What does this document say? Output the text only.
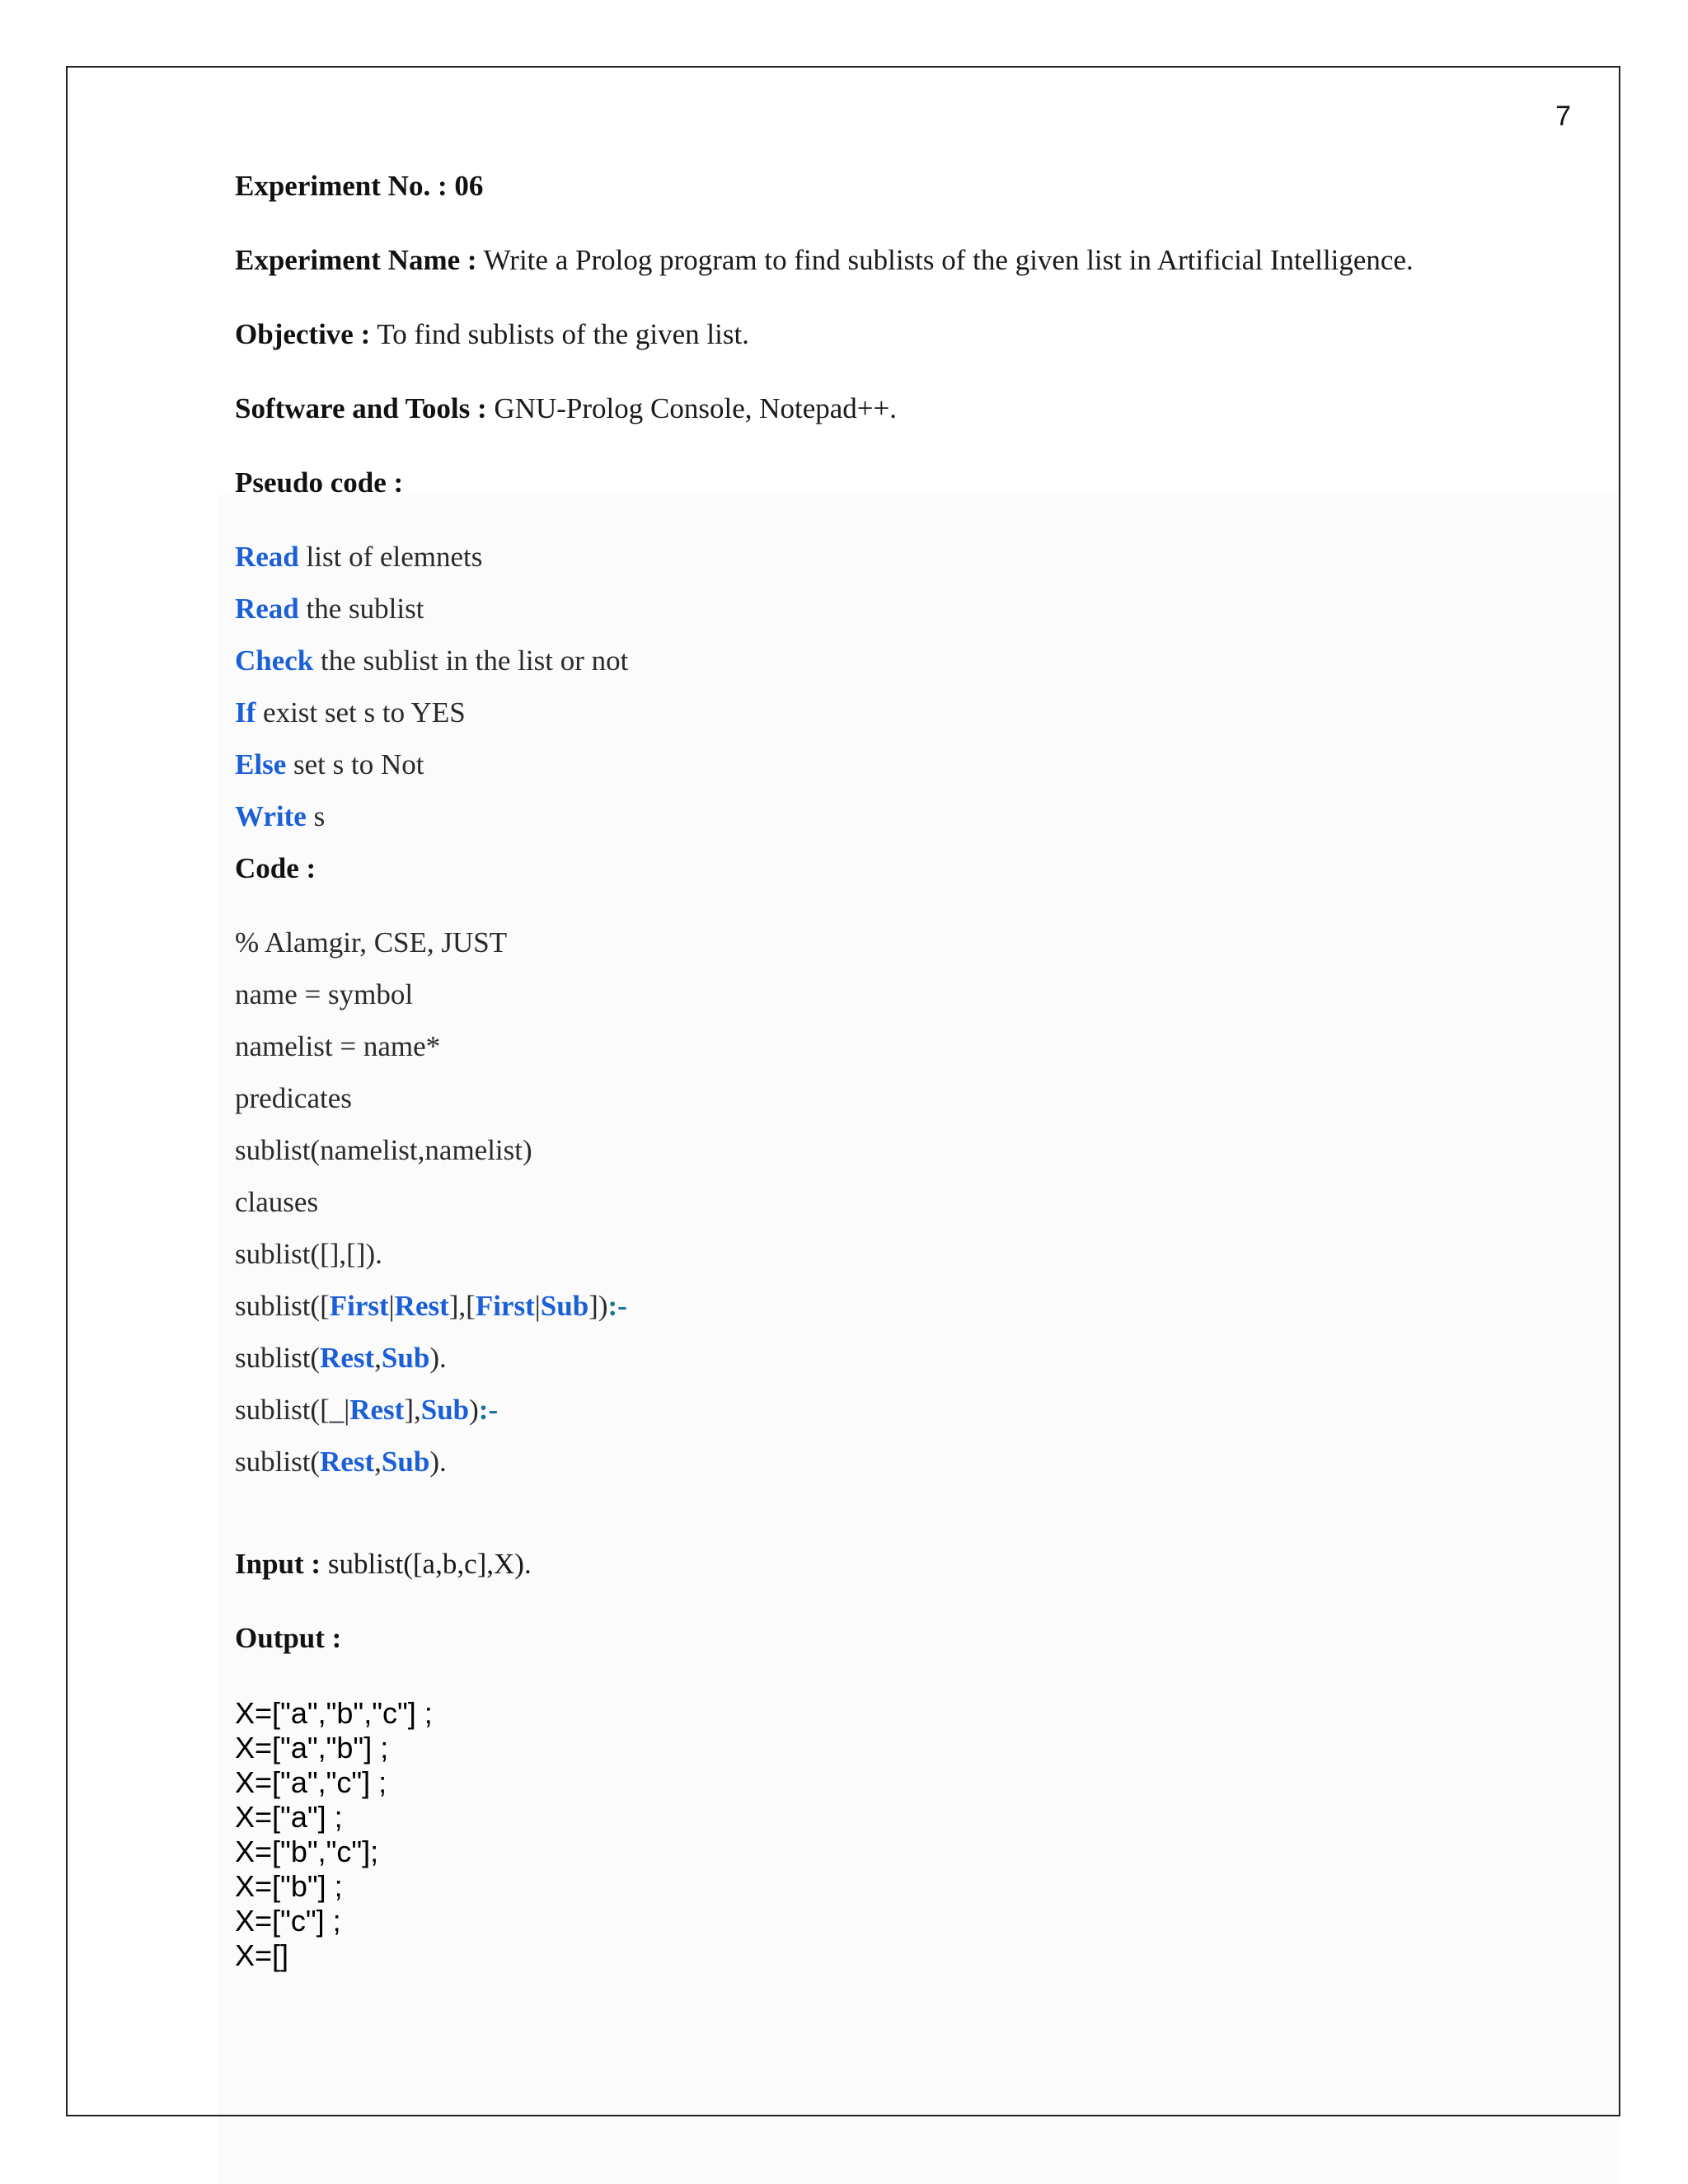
7
Experiment No. : 06
Experiment Name : Write a Prolog program to find sublists of the given list in Artificial Intelligence.
Objective : To find sublists of the given list.
Software and Tools : GNU-Prolog Console, Notepad++.
Pseudo code :
Read list of elemnets
Read the sublist
Check the sublist in the list or not
If exist set s to YES
Else set s to Not
Write s
Code :
% Alamgir, CSE, JUST
name = symbol
namelist = name*
predicates
sublist(namelist,namelist)
clauses
sublist([],[]).
sublist([First|Rest],[First|Sub]):-
sublist(Rest,Sub).
sublist([_|Rest],Sub):-
sublist(Rest,Sub).
Input : sublist([a,b,c],X).
Output :
X=["a","b","c"] ;
X=["a","b"] ;
X=["a","c"] ;
X=["a"] ;
X=["b","c"];
X=["b"] ;
X=["c"] ;
X=[]
